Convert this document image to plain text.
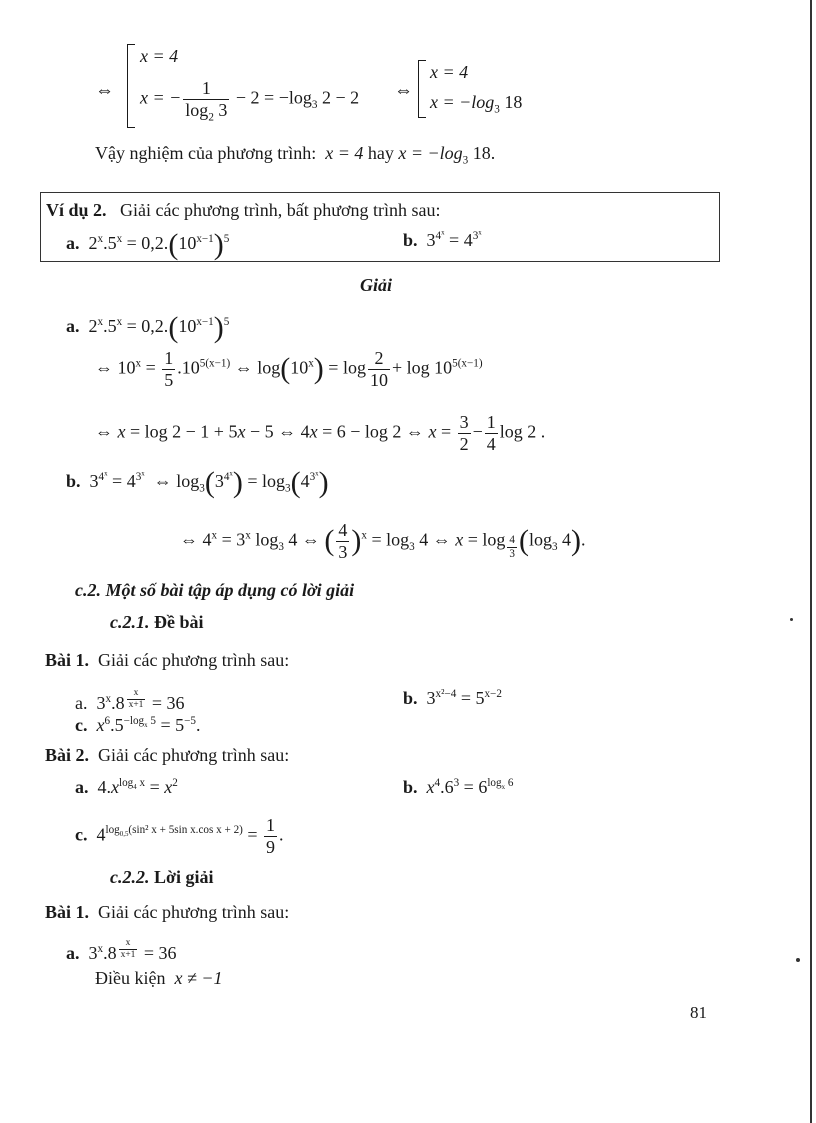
⇔
x = 4
x = − $\frac{1}{\log_2 3} - 2 = -\log_3$ 2 − 2 ⇔
x = 4
$x = -\log_3$ 18
Vậy nghiệm của phương trình: x = 4 hay $x = -\log_3$ 18.
Ví dụ 2. Giải các phương trình, bất phương trình sau:
a.  $2^x.5^x = 0,2.(10^{x-1})^5$	b.  $3^{4^x} = 4^{3^x}$
Giải
a.  $2^x.5^x = 0,2.(10^{x-1})^5$
⇔ $10^x = \frac{1}{5} .10^{5(x-1)}$ ⇔ $\log(10^x) = \log \frac{2}{10} + \log 10^{5(x-1)}$
⇔ x = log 2 − 1 + 5x − 5 ⇔ 4x = 6 − log 2 ⇔ $x = \frac{3}{2} - \frac{1}{4}$ log 2 .
b.  $3^{4^x} = 4^{3^x}$  ⇔ $\log_3(3^{4^x}) = \log_3(4^{3^x})$
⇔ $4^x = 3^x$ $\log_3 4$ ⇔ ( $\frac{4}{3} )^x = \log_3 4$ ⇔ x = log $_{\frac{4}{3}}$ ($\log_3$ 4).
c.2. Một số bài tập áp dụng có lời giải
c.2.1. Đề bài
Bài 1. Giải các phương trình sau:
a.  3$^x$.8 $^{\frac{x}{x+1}}$ = 36	b.  $3^{x^2-4} = 5^{x-2}$
c. $x^6.5^{-log_x 5} = 5^{-5}$.
Bài 2. Giải các phương trình sau:
a.  $4.x^{log_4 x} = x^2$	b. $x^4.6^3 = 6^{log_x 6}$
c.  $4^{log_{0,5}(sin^2 x + 5sin x.cos x + 2)} = \frac{1}{9}$ .
c.2.2. Lời giải
Bài 1. Giải các phương trình sau:
a.  3$^x$.8 $^{\frac{x}{x+1}}$ = 36
Điều kiện x ≠ −1
81
